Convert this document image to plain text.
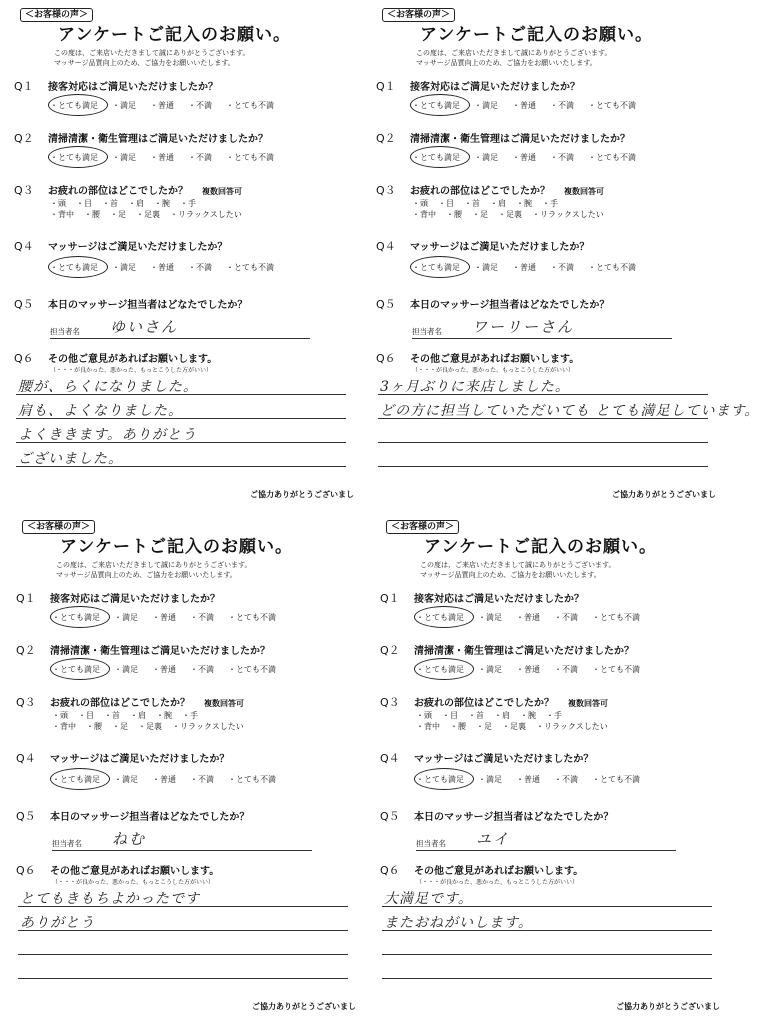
＜お客様の声＞
アンケートご記入のお願い。
この度は、ご来店いただきまして誠にありがとうございます。
マッサージ品質向上のため、ご協力をお願いいたします。
Q１ 接客対応はご満足いただけましたか？
・とても満足 ・満足 ・普通 ・不満 ・とても不満
Q２ 清掃清潔・衛生管理はご満足いただけましたか？
・とても満足 ・満足 ・普通 ・不満 ・とても不満
Q３ お疲れの部位はどこでしたか？ 複数回答可
・頭 ・目 ・首 ・肩 ・腕 ・手
・背中 ・腰 ・足 ・足裏 ・リラックスしたい
Q４ マッサージはご満足いただけましたか？
・とても満足 ・満足 ・普通 ・不満 ・とても不満
Q５ 本日のマッサージ担当者はどなたでしたか？
担当者名 ゆいさん
Q６ その他ご意見があればお願いします。
（・・・が良かった、悪かった、もっとこうした方がいい）
腰が、らくになりました。
肩も、よくなりました。
よくききます。ありがとう
ございました。
ご協力ありがとうございまし
＜お客様の声＞
アンケートご記入のお願い。
この度は、ご来店いただきまして誠にありがとうございます。
マッサージ品質向上のため、ご協力をお願いいたします。
Q１ 接客対応はご満足いただけましたか？
・とても満足 ・満足 ・普通 ・不満 ・とても不満
Q２ 清掃清潔・衛生管理はご満足いただけましたか？
・とても満足 ・満足 ・普通 ・不満 ・とても不満
Q３ お疲れの部位はどこでしたか？ 複数回答可
・頭 ・目 ・首 ・肩 ・腕 ・手
・背中 ・腰 ・足 ・足裏 ・リラックスしたい
Q４ マッサージはご満足いただけましたか？
・とても満足 ・満足 ・普通 ・不満 ・とても不満
Q５ 本日のマッサージ担当者はどなたでしたか？
担当者名 ワーリーさん
Q６ その他ご意見があればお願いします。
（・・・が良かった、悪かった、もっとこうした方がいい）
3ヶ月ぶりに来店しました。
どの方に担当していただいても とても満足しています。
ご協力ありがとうございまし
＜お客様の声＞
アンケートご記入のお願い。
この度は、ご来店いただきまして誠にありがとうございます。
マッサージ品質向上のため、ご協力をお願いいたします。
Q１ 接客対応はご満足いただけましたか？
・とても満足 ・満足 ・普通 ・不満 ・とても不満
Q２ 清掃清潔・衛生管理はご満足いただけましたか？
・とても満足 ・満足 ・普通 ・不満 ・とても不満
Q３ お疲れの部位はどこでしたか？ 複数回答可
・頭 ・目 ・首 ・肩 ・腕 ・手
・背中 ・腰 ・足 ・足裏 ・リラックスしたい
Q４ マッサージはご満足いただけましたか？
・とても満足 ・満足 ・普通 ・不満 ・とても不満
Q５ 本日のマッサージ担当者はどなたでしたか？
担当者名 ねむ
Q６ その他ご意見があればお願いします。
（・・・が良かった、悪かった、もっとこうした方がいい）
とてもきもちよかったです
ありがとう
ご協力ありがとうございまし
＜お客様の声＞
アンケートご記入のお願い。
この度は、ご来店いただきまして誠にありがとうございます。
マッサージ品質向上のため、ご協力をお願いいたします。
Q１ 接客対応はご満足いただけましたか？
・とても満足 ・満足 ・普通 ・不満 ・とても不満
Q２ 清掃清潔・衛生管理はご満足いただけましたか？
・とても満足 ・満足 ・普通 ・不満 ・とても不満
Q３ お疲れの部位はどこでしたか？ 複数回答可
・頭 ・目 ・首 ・肩 ・腕 ・手
・背中 ・腰 ・足 ・足裏 ・リラックスしたい
Q４ マッサージはご満足いただけましたか？
・とても満足 ・満足 ・普通 ・不満 ・とても不満
Q５ 本日のマッサージ担当者はどなたでしたか？
担当者名 ユイ
Q６ その他ご意見があればお願いします。
（・・・が良かった、悪かった、もっとこうした方がいい）
大満足です。
またおねがいします。
ご協力ありがとうございまし
